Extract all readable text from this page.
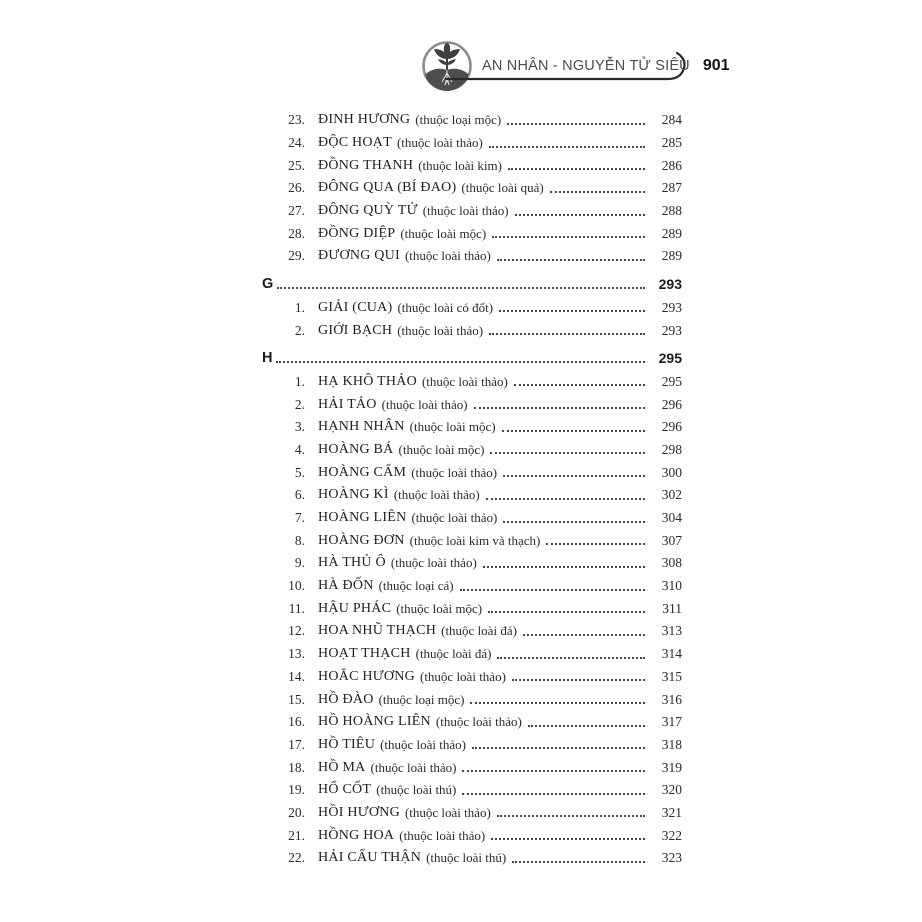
AN NHÂN - NGUYỄN TỬ SIÊU 901
23. ĐINH HƯƠNG (thuộc loại mộc)	284
24. ĐỘC HOẠT (thuộc loài thảo)	285
25. ĐỒNG THANH (thuộc loài kim)	286
26. ĐÔNG QUA (BÍ ĐAO) (thuộc loài quả)	287
27. ĐÔNG QUỲ TỬ (thuộc loài thảo)	288
28. ĐỒNG DIỆP (thuộc loài mộc)	289
29. ĐƯƠNG QUI (thuộc loài thảo)	289
G	293
1. GIẢI (CUA) (thuộc loài có đốt)	293
2. GIỚI BẠCH (thuộc loài thảo)	293
H	295
1. HẠ KHÔ THẢO (thuộc loài thảo)	295
2. HẢI TẢO (thuộc loài thảo)	296
3. HẠNH NHÂN (thuộc loài mộc)	296
4. HOÀNG BÁ (thuộc loài mộc)	298
5. HOÀNG CẤM (thuộc loài thảo)	300
6. HOÀNG KÌ (thuộc loài thảo)	302
7. HOÀNG LIÊN (thuộc loài thảo)	304
8. HOÀNG ĐƠN (thuộc loài kim và thạch)	307
9. HÀ THỦ Ô (thuộc loài thảo)	308
10. HÀ ĐỐN (thuộc loại cá)	310
11. HẬU PHÁC (thuộc loài mộc)	311
12. HOA NHŨ THẠCH (thuộc loài đá)	313
13. HOẠT THẠCH (thuộc loài đá)	314
14. HOẮC HƯƠNG (thuộc loài thảo)	315
15. HỒ ĐÀO (thuộc loại mộc)	316
16. HỒ HOÀNG LIÊN (thuộc loài thảo)	317
17. HỒ TIÊU (thuộc loài thảo)	318
18. HỒ MA (thuộc loài thảo)	319
19. HỔ CỐT (thuộc loài thú)	320
20. HỒI HƯƠNG (thuộc loài thảo)	321
21. HỒNG HOA (thuộc loài thảo)	322
22. HẢI CẨU THẬN (thuộc loài thú)	323
